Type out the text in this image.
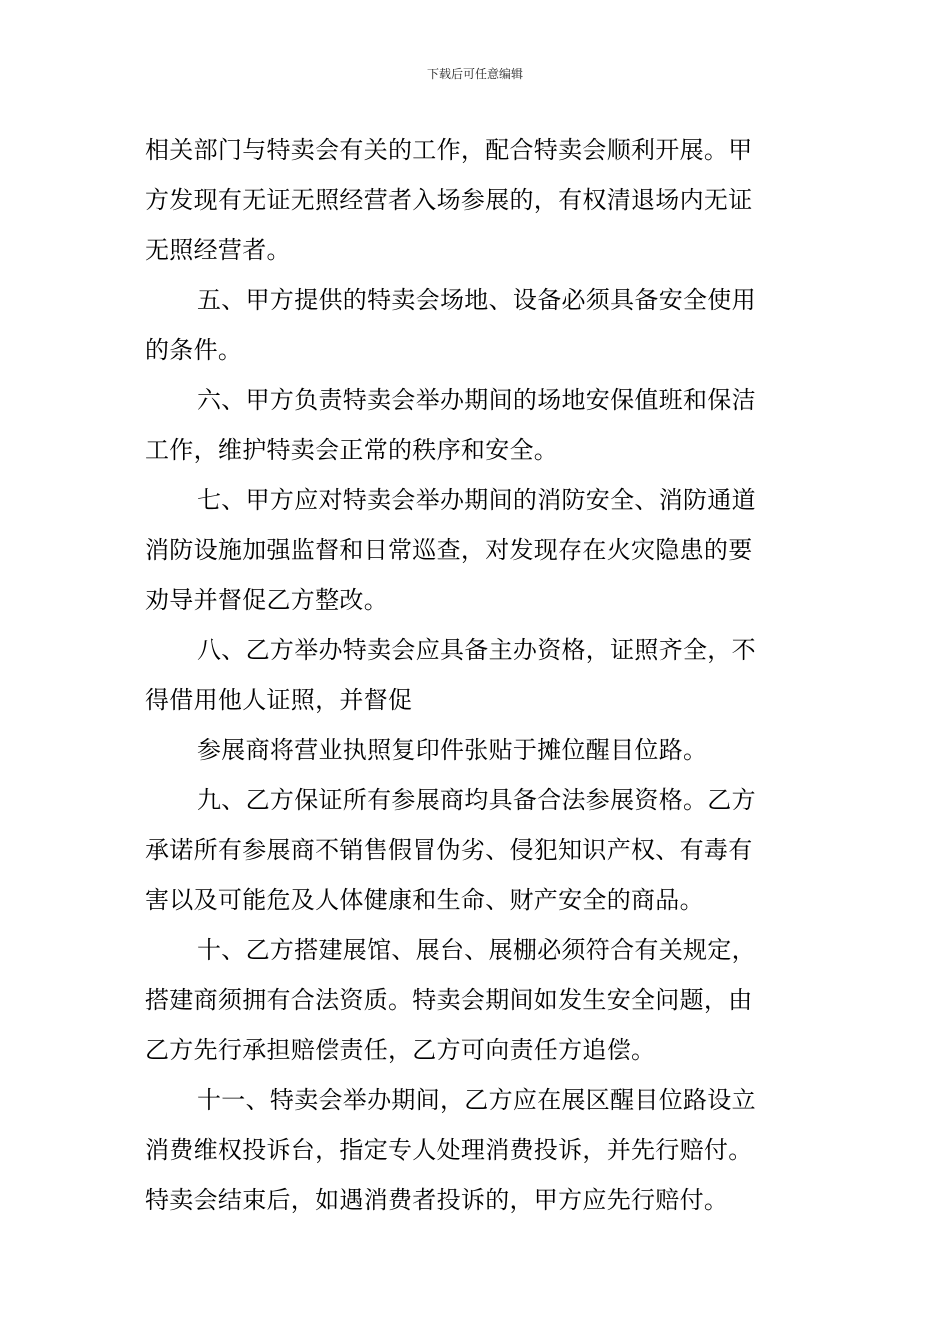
下载后可任意编辑
相关部门与特卖会有关的工作，配合特卖会顺利开展。甲
方发现有无证无照经营者入场参展的，有权清退场内无证
无照经营者。
五、甲方提供的特卖会场地、设备必须具备安全使用
的条件。
六、甲方负责特卖会举办期间的场地安保值班和保洁
工作，维护特卖会正常的秩序和安全。
七、甲方应对特卖会举办期间的消防安全、消防通道
消防设施加强监督和日常巡查，对发现存在火灾隐患的要
劝导并督促乙方整改。
八、乙方举办特卖会应具备主办资格，证照齐全，不
得借用他人证照，并督促
参展商将营业执照复印件张贴于摊位醒目位路。
九、乙方保证所有参展商均具备合法参展资格。乙方
承诺所有参展商不销售假冒伪劣、侵犯知识产权、有毒有
害以及可能危及人体健康和生命、财产安全的商品。
十、乙方搭建展馆、展台、展棚必须符合有关规定，
搭建商须拥有合法资质。特卖会期间如发生安全问题，由
乙方先行承担赔偿责任，乙方可向责任方追偿。
十一、特卖会举办期间，乙方应在展区醒目位路设立
消费维权投诉台，指定专人处理消费投诉，并先行赔付。
特卖会结束后，如遇消费者投诉的，甲方应先行赔付。
